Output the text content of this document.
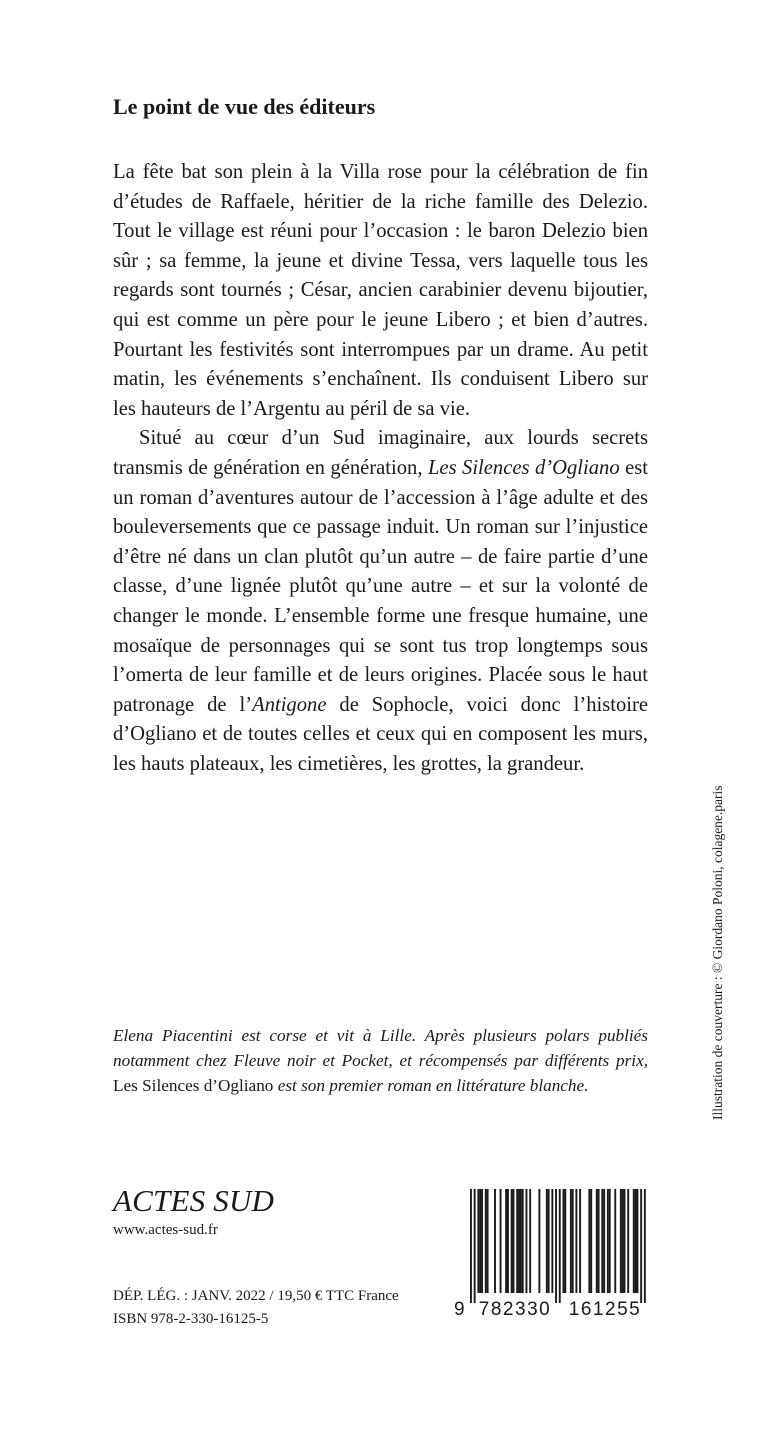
Le point de vue des éditeurs

La fête bat son plein à la Villa rose pour la célébration de fin d’études de Raffaele, héritier de la riche famille des Delezio. Tout le village est réuni pour l’occasion : le baron Delezio bien sûr ; sa femme, la jeune et divine Tessa, vers laquelle tous les regards sont tournés ; César, ancien carabinier devenu bijoutier, qui est comme un père pour le jeune Libero ; et bien d’autres. Pourtant les festivités sont interrompues par un drame. Au petit matin, les événements s’enchaînent. Ils conduisent Libero sur les hauteurs de l’Argentu au péril de sa vie.

Situé au cœur d’un Sud imaginaire, aux lourds secrets transmis de génération en génération, Les Silences d’Ogliano est un roman d’aventures autour de l’accession à l’âge adulte et des bouleversements que ce passage induit. Un roman sur l’injustice d’être né dans un clan plutôt qu’un autre – de faire partie d’une classe, d’une lignée plutôt qu’une autre – et sur la volonté de changer le monde. L’ensemble forme une fresque humaine, une mosaïque de personnages qui se sont tus trop longtemps sous l’omerta de leur famille et de leurs origines. Placée sous le haut patronage de l’Antigone de Sophocle, voici donc l’histoire d’Ogliano et de toutes celles et ceux qui en composent les murs, les hauts plateaux, les cimetières, les grottes, la grandeur.

Elena Piacentini est corse et vit à Lille. Après plusieurs polars publiés notamment chez Fleuve noir et Pocket, et récompensés par différents prix, Les Silences d’Ogliano est son premier roman en littérature blanche.

ACTES SUD
www.actes-sud.fr
DÉP. LÉG. : JANV. 2022 / 19,50 € TTC France
ISBN 978-2-330-16125-5	9 782330 161255
Illustration de couverture : © Giordano Poloni, colagene.paris
